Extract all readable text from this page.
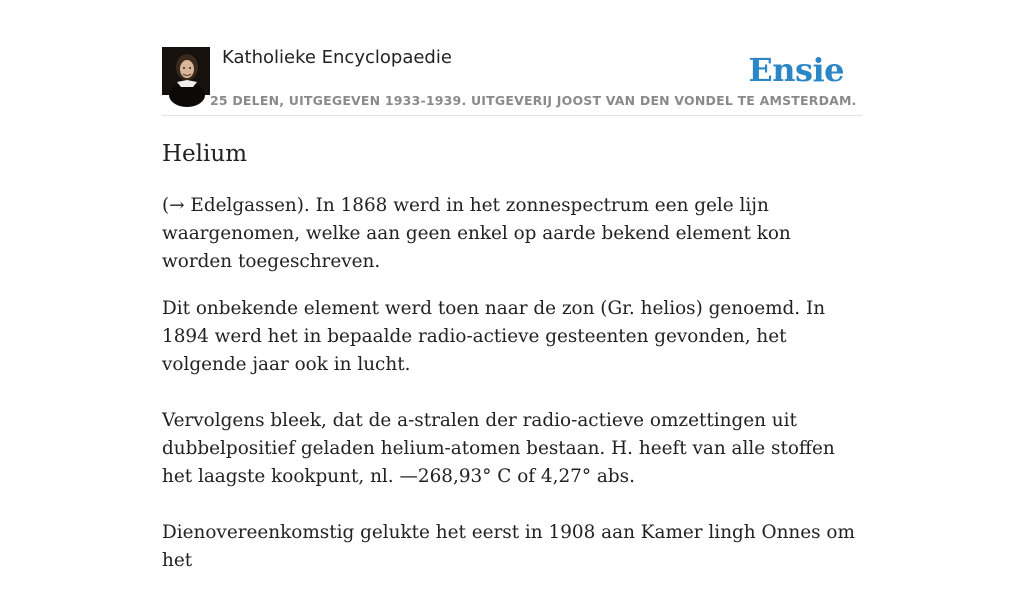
Katholieke Encyclopaedie
25 DELEN, UITGEGEVEN 1933-1939. UITGEVERIJ JOOST VAN DEN VONDEL TE AMSTERDAM.
Ensie
Helium

(→ Edelgassen). In 1868 werd in het zonnespectrum een gele lijn waargenomen, welke aan geen enkel op aarde bekend element kon worden toegeschreven.

Dit onbekende element werd toen naar de zon (Gr. helios) genoemd. In 1894 werd het in bepaalde radio-actieve gesteenten gevonden, het volgende jaar ook in lucht.

Vervolgens bleek, dat de a-stralen der radio-actieve omzettingen uit dubbelpositief geladen helium-atomen bestaan. H. heeft van alle stoffen het laagste kookpunt, nl. —268,93° C of 4,27° abs.

Dienovereenkomstig gelukte het eerst in 1908 aan Kamer lingh Onnes om het
